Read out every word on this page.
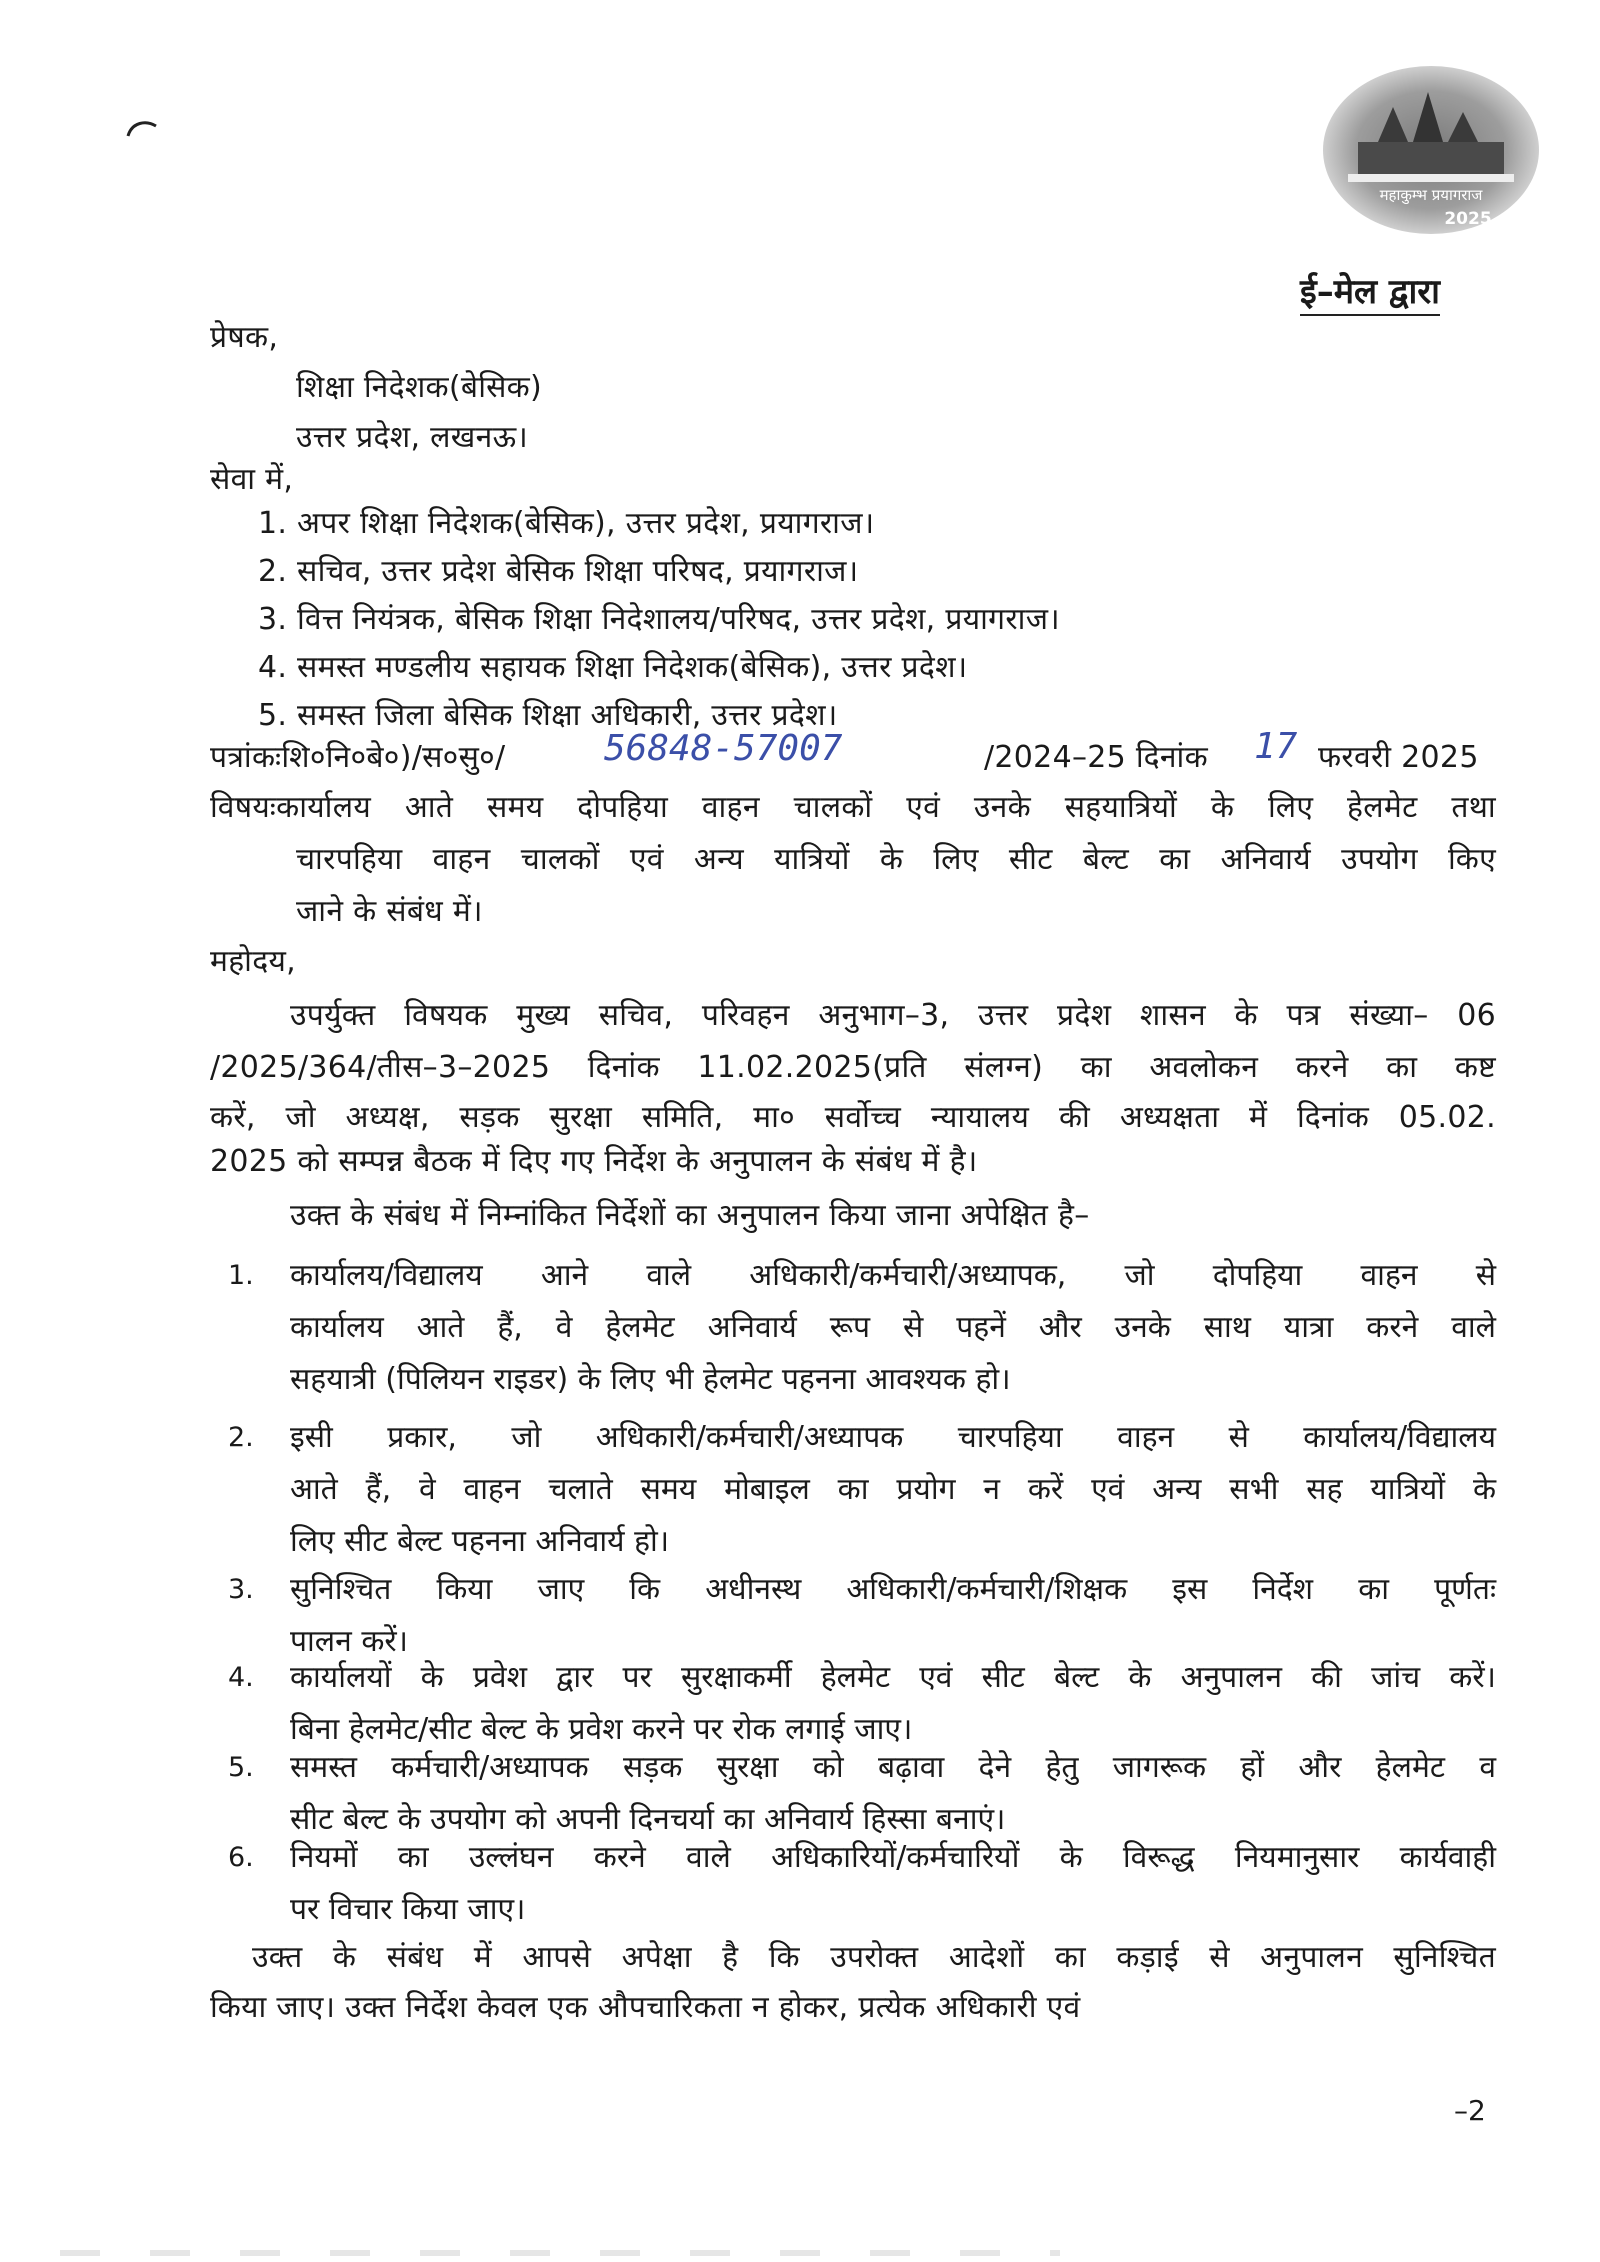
महाकुम्भ प्रयागराज
2025
ई–मेल द्वारा
प्रेषक,
शिक्षा निदेशक(बेसिक)
उत्तर प्रदेश, लखनऊ।
सेवा में,
1. अपर शिक्षा निदेशक(बेसिक), उत्तर प्रदेश, प्रयागराज।
2. सचिव, उत्तर प्रदेश बेसिक शिक्षा परिषद, प्रयागराज।
3. वित्त नियंत्रक, बेसिक शिक्षा निदेशालय/परिषद, उत्तर प्रदेश, प्रयागराज।
4. समस्त मण्डलीय सहायक शिक्षा निदेशक(बेसिक), उत्तर प्रदेश।
5. समस्त जिला बेसिक शिक्षा अधिकारी, उत्तर प्रदेश।
पत्रांकःशि०नि०बे०)/स०सु०/	56848-57007	/2024–25 दिनांक 17 फरवरी 2025
विषयःकार्यालय आते समय दोपहिया वाहन चालकों एवं उनके सहयात्रियों के लिए हेलमेट तथा
चारपहिया वाहन चालकों एवं अन्य यात्रियों के लिए सीट बेल्ट का अनिवार्य उपयोग किए
जाने के संबंध में।
महोदय,
उपर्युक्त विषयक मुख्य सचिव, परिवहन अनुभाग–3, उत्तर प्रदेश शासन के पत्र संख्या– 06
/2025/364/तीस–3–2025 दिनांक 11.02.2025(प्रति संलग्न) का अवलोकन करने का कष्ट
करें, जो अध्यक्ष, सड़क सुरक्षा समिति, मा० सर्वोच्च न्यायालय की अध्यक्षता में दिनांक 05.02.
2025 को सम्पन्न बैठक में दिए गए निर्देश के अनुपालन के संबंध में है।
उक्त के संबंध में निम्नांकित निर्देशों का अनुपालन किया जाना अपेक्षित है–
1. कार्यालय/विद्यालय आने वाले अधिकारी/कर्मचारी/अध्यापक, जो दोपहिया वाहन से
कार्यालय आते हैं, वे हेलमेट अनिवार्य रूप से पहनें और उनके साथ यात्रा करने वाले
सहयात्री (पिलियन राइडर) के लिए भी हेलमेट पहनना आवश्यक हो।
2. इसी प्रकार, जो अधिकारी/कर्मचारी/अध्यापक चारपहिया वाहन से कार्यालय/विद्यालय
आते हैं, वे वाहन चलाते समय मोबाइल का प्रयोग न करें एवं अन्य सभी सह यात्रियों के
लिए सीट बेल्ट पहनना अनिवार्य हो।
3. सुनिश्चित किया जाए कि अधीनस्थ अधिकारी/कर्मचारी/शिक्षक इस निर्देश का पूर्णतः
पालन करें।
4. कार्यालयों के प्रवेश द्वार पर सुरक्षाकर्मी हेलमेट एवं सीट बेल्ट के अनुपालन की जांच करें।
बिना हेलमेट/सीट बेल्ट के प्रवेश करने पर रोक लगाई जाए।
5. समस्त कर्मचारी/अध्यापक सड़क सुरक्षा को बढ़ावा देने हेतु जागरूक हों और हेलमेट व
सीट बेल्ट के उपयोग को अपनी दिनचर्या का अनिवार्य हिस्सा बनाएं।
6. नियमों का उल्लंघन करने वाले अधिकारियों/कर्मचारियों के विरूद्ध नियमानुसार कार्यवाही
पर विचार किया जाए।
उक्त के संबंध में आपसे अपेक्षा है कि उपरोक्त आदेशों का कड़ाई से अनुपालन सुनिश्चित
किया जाए। उक्त निर्देश केवल एक औपचारिकता न होकर, प्रत्येक अधिकारी एवं
–2
